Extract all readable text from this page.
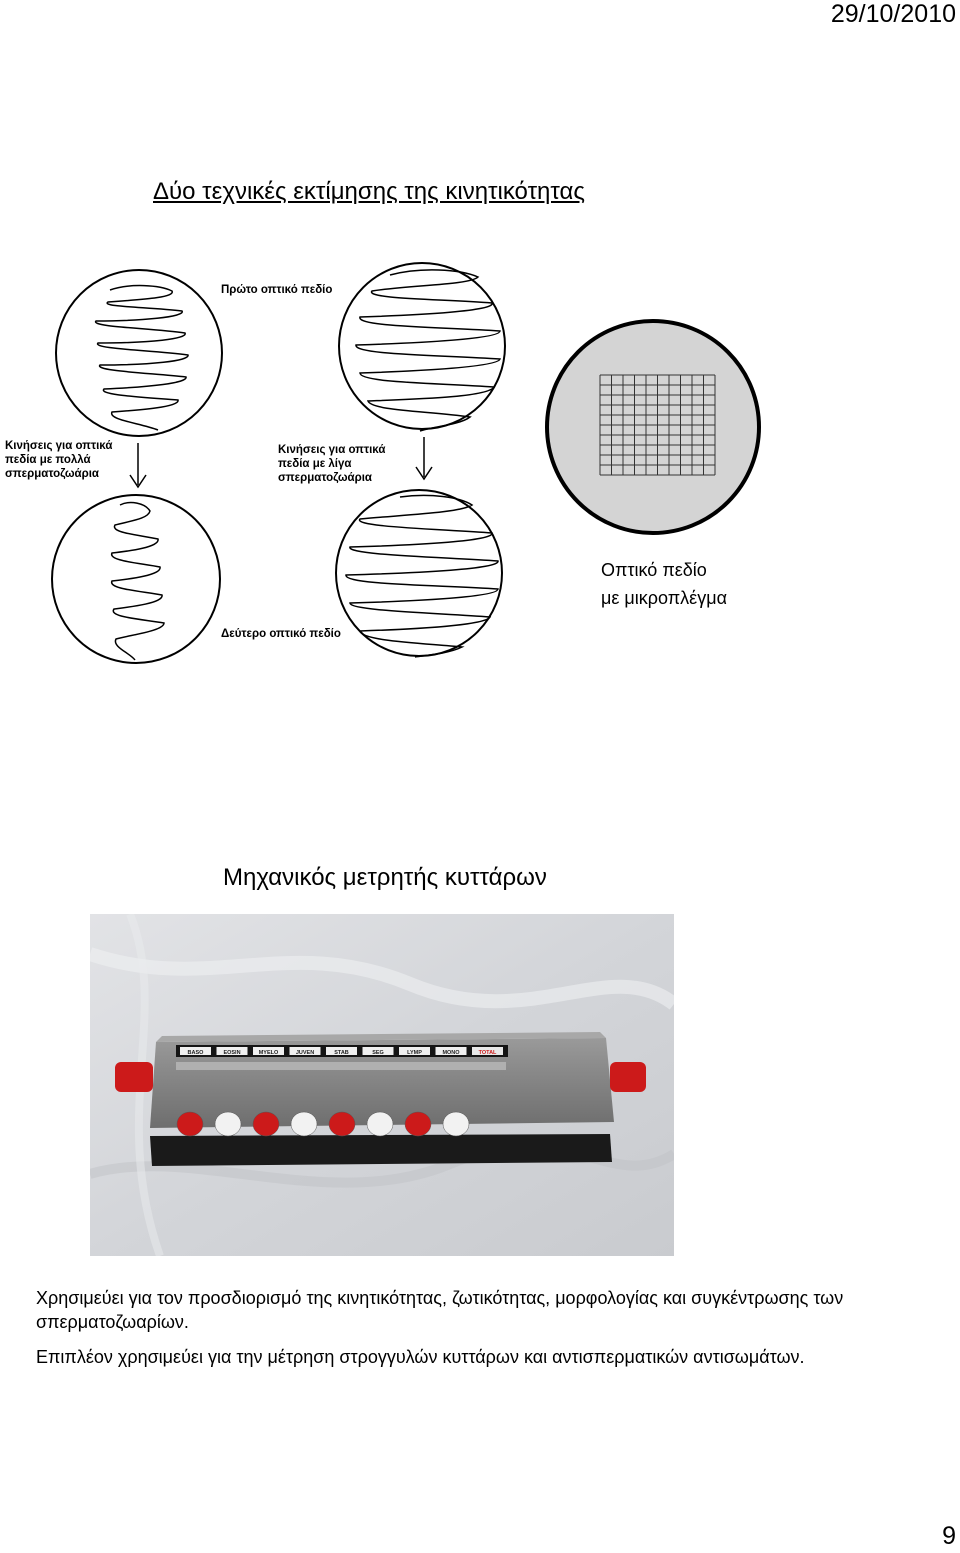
29/10/2010
Δύο τεχνικές εκτίμησης της κινητικότητας
Πρώτο οπτικό πεδίο
Δεύτερο οπτικό πεδίο
Κινήσεις για οπτικά
πεδία με πολλά
σπερματοζωάρια
Κινήσεις για οπτικά
πεδία με λίγα
σπερματοζωάρια
Οπτικό πεδίο
με μικροπλέγμα
Μηχανικός μετρητής κυττάρων
BASO	EOSIN	MYELO	JUVEN	STAB	SEG	LYMP	MONO	TOTAL
Χρησιμεύει για τον προσδιορισμό της κινητικότητας, ζωτικότητας, μορφολογίας και συγκέντρωσης των σπερματοζωαρίων.
Επιπλέον χρησιμεύει για την μέτρηση στρογγυλών κυττάρων και αντισπερματικών αντισωμάτων.
9
